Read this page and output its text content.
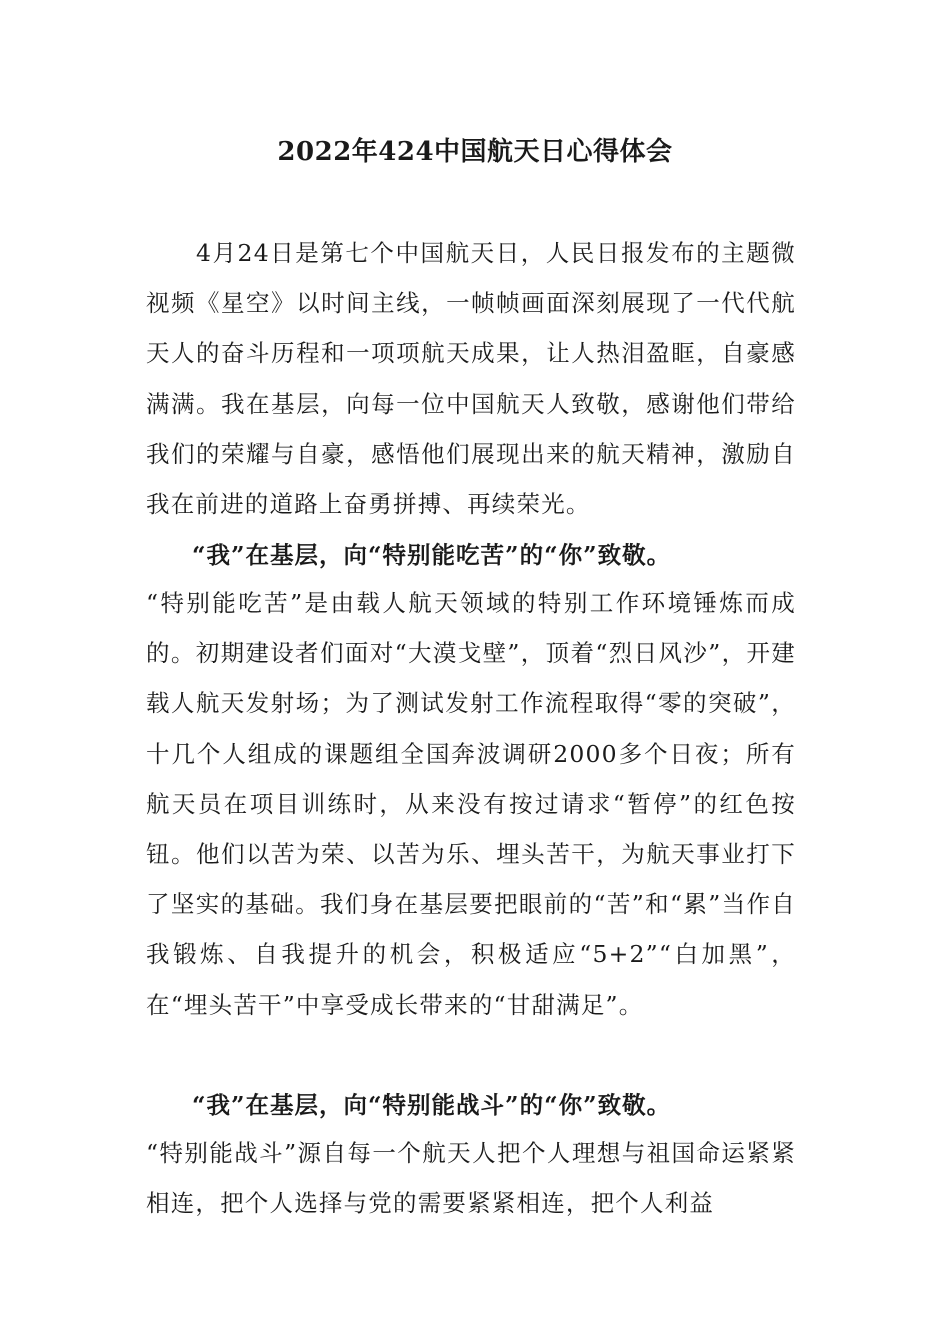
2022年424中国航天日心得体会

4月24日是第七个中国航天日，人民日报发布的主题微视频《星空》以时间主线，一帧帧画面深刻展现了一代代航天人的奋斗历程和一项项航天成果，让人热泪盈眶，自豪感满满。我在基层，向每一位中国航天人致敬，感谢他们带给我们的荣耀与自豪，感悟他们展现出来的航天精神，激励自我在前进的道路上奋勇拼搏、再续荣光。

“我”在基层，向“特别能吃苦”的“你”致敬。

“特别能吃苦”是由载人航天领域的特别工作环境锤炼而成的。初期建设者们面对“大漠戈壁”，顶着“烈日风沙”，开建载人航天发射场；为了测试发射工作流程取得“零的突破”，十几个人组成的课题组全国奔波调研2000多个日夜；所有航天员在项目训练时，从来没有按过请求“暂停”的红色按钮。他们以苦为荣、以苦为乐、埋头苦干，为航天事业打下了坚实的基础。我们身在基层要把眼前的“苦”和“累”当作自我锻炼、自我提升的机会，积极适应“5+2”“白加黑”，在“埋头苦干”中享受成长带来的“甘甜满足”。

“我”在基层，向“特别能战斗”的“你”致敬。

“特别能战斗”源自每一个航天人把个人理想与祖国命运紧紧相连，把个人选择与党的需要紧紧相连，把个人利益
